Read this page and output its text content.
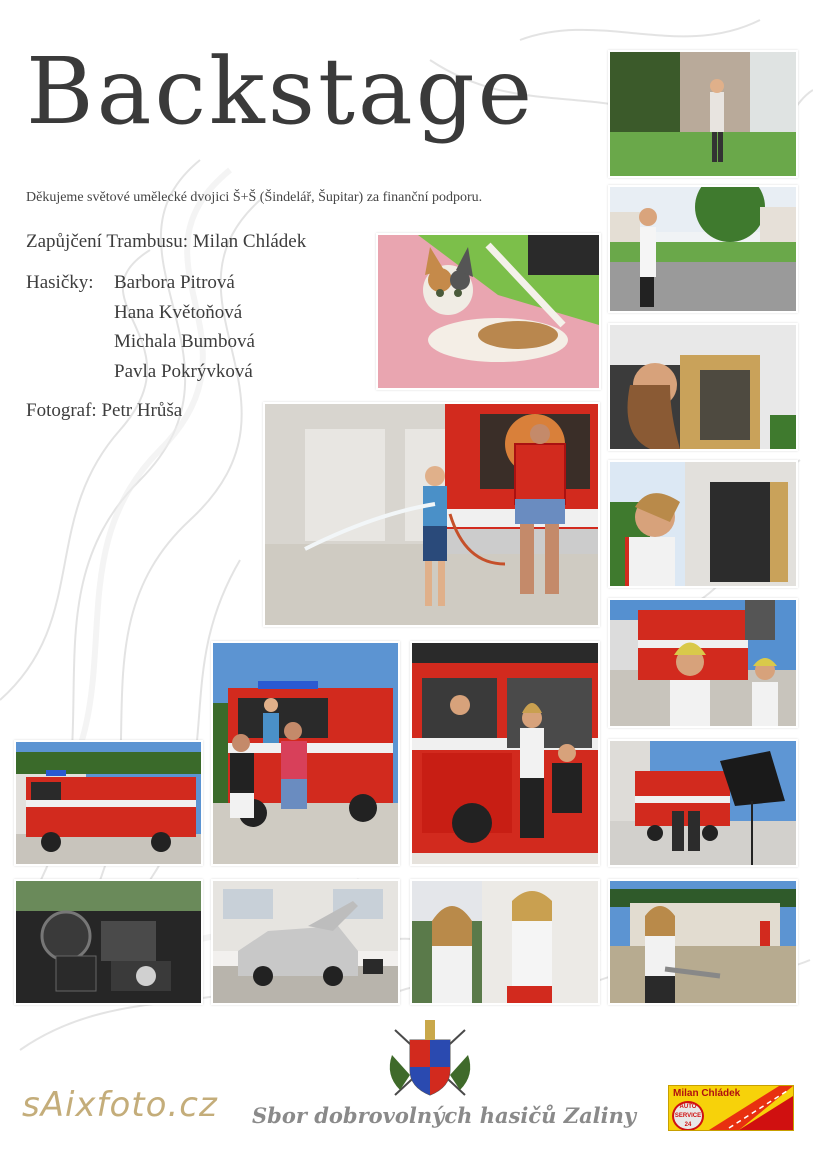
Backstage
Děkujeme světové umělecké dvojici Š+Š (Šindelář, Šupitar) za finanční podporu.
Zapůjčení Trambusu: Milan Chládek
Hasičky: Barbora Pitrová
Hana Květoňová
Michala Bumbová
Pavla Pokrývková
Fotograf: Petr Hrůša
sAixfoto.cz Sbor dobrovolných hasičů Zaliny
Milan Chládek
AUTO SERVICE 24
